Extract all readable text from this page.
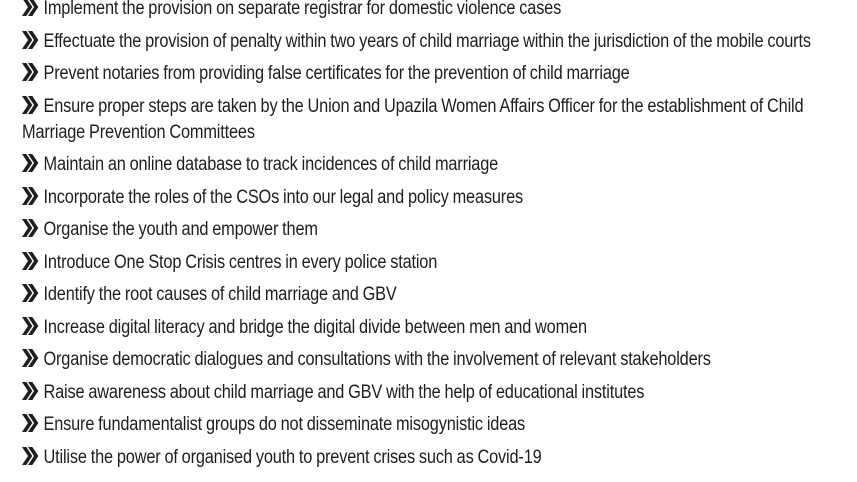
Implement the provision on separate registrar for domestic violence cases
Effectuate the provision of penalty within two years of child marriage within the jurisdiction of the mobile courts
Prevent notaries from providing false certificates for the prevention of child marriage
Ensure proper steps are taken by the Union and Upazila Women Affairs Officer for the establishment of Child Marriage Prevention Committees
Maintain an online database to track incidences of child marriage
Incorporate the roles of the CSOs into our legal and policy measures
Organise the youth and empower them
Introduce One Stop Crisis centres in every police station
Identify the root causes of child marriage and GBV
Increase digital literacy and bridge the digital divide between men and women
Organise democratic dialogues and consultations with the involvement of relevant stakeholders
Raise awareness about child marriage and GBV with the help of educational institutes
Ensure fundamentalist groups do not disseminate misogynistic ideas
Utilise the power of organised youth to prevent crises such as Covid-19
